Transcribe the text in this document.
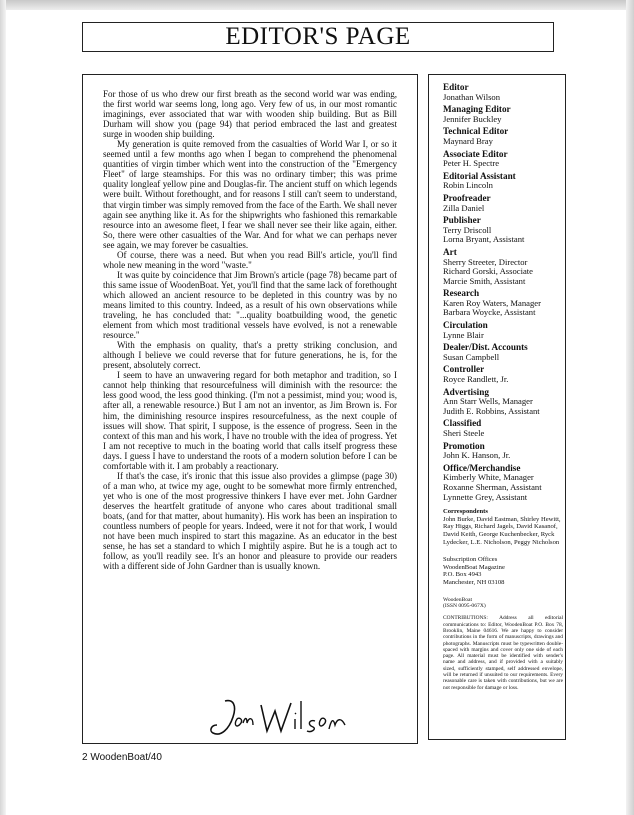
EDITOR'S PAGE

For those of us who drew our first breath as the second world war was ending, the first world war seems long, long ago. Very few of us, in our most romantic imaginings, ever associated that war with wooden ship building. But as Bill Durham will show you (page 94) that period embraced the last and greatest surge in wooden ship building.

My generation is quite removed from the casualties of World War I, or so it seemed until a few months ago when I began to comprehend the phenomenal quantities of virgin timber which went into the construction of the "Emergency Fleet" of large steamships. For this was no ordinary timber; this was prime quality longleaf yellow pine and Douglas-fir. The ancient stuff on which legends were built. Without forethought, and for reasons I still can't seem to understand, that virgin timber was simply removed from the face of the Earth. We shall never again see anything like it. As for the shipwrights who fashioned this remarkable resource into an awesome fleet, I fear we shall never see their like again, either. So, there were other casualties of the War. And for what we can perhaps never see again, we may forever be casualties.

Of course, there was a need. But when you read Bill's article, you'll find whole new meaning in the word "waste."

It was quite by coincidence that Jim Brown's article (page 78) became part of this same issue of WoodenBoat. Yet, you'll find that the same lack of forethought which allowed an ancient resource to be depleted in this country was by no means limited to this country. Indeed, as a result of his own observations while traveling, he has concluded that: "...quality boatbuilding wood, the genetic element from which most traditional vessels have evolved, is not a renewable resource."

With the emphasis on quality, that's a pretty striking conclusion, and although I believe we could reverse that for future generations, he is, for the present, absolutely correct.

I seem to have an unwavering regard for both metaphor and tradition, so I cannot help thinking that resourcefulness will diminish with the resource: the less good wood, the less good thinking. (I'm not a pessimist, mind you; wood is, after all, a renewable resource.) But I am not an inventor, as Jim Brown is. For him, the diminishing resource inspires resourcefulness, as the next couple of issues will show. That spirit, I suppose, is the essence of progress. Seen in the context of this man and his work, I have no trouble with the idea of progress. Yet I am not receptive to much in the boating world that calls itself progress these days. I guess I have to understand the roots of a modern solution before I can be comfortable with it. I am probably a reactionary.

If that's the case, it's ironic that this issue also provides a glimpse (page 30) of a man who, at twice my age, ought to be somewhat more firmly entrenched, yet who is one of the most progressive thinkers I have ever met. John Gardner deserves the heartfelt gratitude of anyone who cares about traditional small boats, (and for that matter, about humanity). His work has been an inspiration to countless numbers of people for years. Indeed, were it not for that work, I would not have been much inspired to start this magazine. As an educator in the best sense, he has set a standard to which I mightily aspire. But he is a tough act to follow, as you'll readily see. It's an honor and pleasure to provide our readers with a different side of John Gardner than is usually known.

Jon Wilson
Editor
Jonathan Wilson
Managing Editor
Jennifer Buckley
Technical Editor
Maynard Bray
Associate Editor
Peter H. Spectre
Editorial Assistant
Robin Lincoln
Proofreader
Zilla Daniel
Publisher
Terry Driscoll
Lorna Bryant, Assistant
Art
Sherry Streeter, Director
Richard Gorski, Associate
Marcie Smith, Assistant
Research
Karen Roy Waters, Manager
Barbara Woycke, Assistant
Circulation
Lynne Blair
Dealer/Dist. Accounts
Susan Campbell
Controller
Royce Randlett, Jr.
Advertising
Ann Starr Wells, Manager
Judith E. Robbins, Assistant
Classified
Sheri Steele
Promotion
John K. Hanson, Jr.
Office/Merchandise
Kimberly White, Manager
Roxanne Sherman, Assistant
Lynnette Grey, Assistant
Correspondents
John Burke, David Eastman, Shirley Hewitt, Ray Higgs, Richard Jagels, David Kasanof, David Keith, George Kuchenbecker, Ryck Lydecker, L.E. Nicholson, Peggy Nicholson
Subscription Offices
WoodenBoat Magazine
P.O. Box 4943
Manchester, NH 03108
WoodenBoat
(ISSN 0095-067X)
CONTRIBUTIONS: Address all editorial communications to: Editor, WoodenBoat P.O. Box 78, Brooklin, Maine 04616. We are happy to consider contributions in the form of manuscripts, drawings and photographs. Manuscripts must be typewritten double-spaced with margins and cover only one side of each page. All material must be identified with sender's name and address, and if provided with a suitably sized, sufficiently stamped, self addressed envelope, will be returned if unsuited to our requirements. Every reasonable care is taken with contributions, but we are not responsible for damage or loss.
2 WoodenBoat/40
